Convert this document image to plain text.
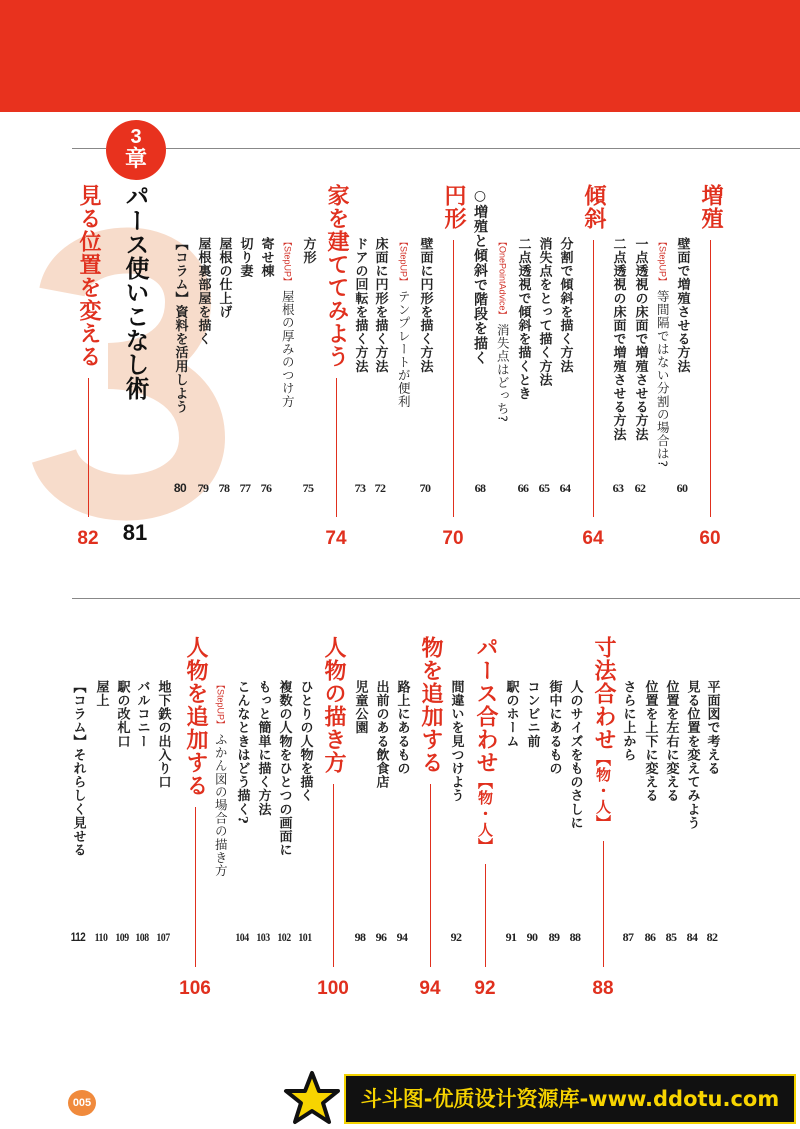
3
章
増殖
60
壁面で増殖させる方法
60
【StepUP】等間隔ではない分割の場合は?
一点透視の床面で増殖させる方法
62
二点透視の床面で増殖させる方法
63
傾斜
64
分割で傾斜を描く方法
64
消失点をとって描く方法
65
二点透視で傾斜を描くとき
66
【OnePointAdvice】消失点はどっち?
○増殖と傾斜で階段を描く
68
円形
70
壁面に円形を描く方法
70
【StepUP】テンプレートが便利
床面に円形を描く方法
72
ドアの回転を描く方法
73
家を建ててみよう
74
方形
75
【StepUP】屋根の厚みのつけ方
寄せ棟
76
切り妻
77
屋根の仕上げ
78
屋根裏部屋を描く
79
【コラム】資料を活用しよう
80
パース使いこなし術
81
見る位置を変える
82
平面図で考える
82
見る位置を変えてみよう
84
位置を左右に変える
85
位置を上下に変える
86
さらに上から
87
寸法合わせ【物・人】
88
人のサイズをものさしに
88
街中にあるもの
89
コンビニ前
90
駅のホーム
91
パース合わせ【物・人】
92
間違いを見つけよう
92
物を追加する
94
路上にあるもの
94
出前のある飲食店
96
児童公園
98
人物の描き方
100
ひとりの人物を描く
101
複数の人物をひとつの画面に
102
もっと簡単に描く方法
103
こんなときはどう描く?
104
【StepUP】ふかん図の場合の描き方
人物を追加する
106
地下鉄の出入り口
107
バルコニー
108
駅の改札口
109
屋上
110
【コラム】それらしく見せる
112
005	斗斗图-优质设计资源库-www.ddotu.com
